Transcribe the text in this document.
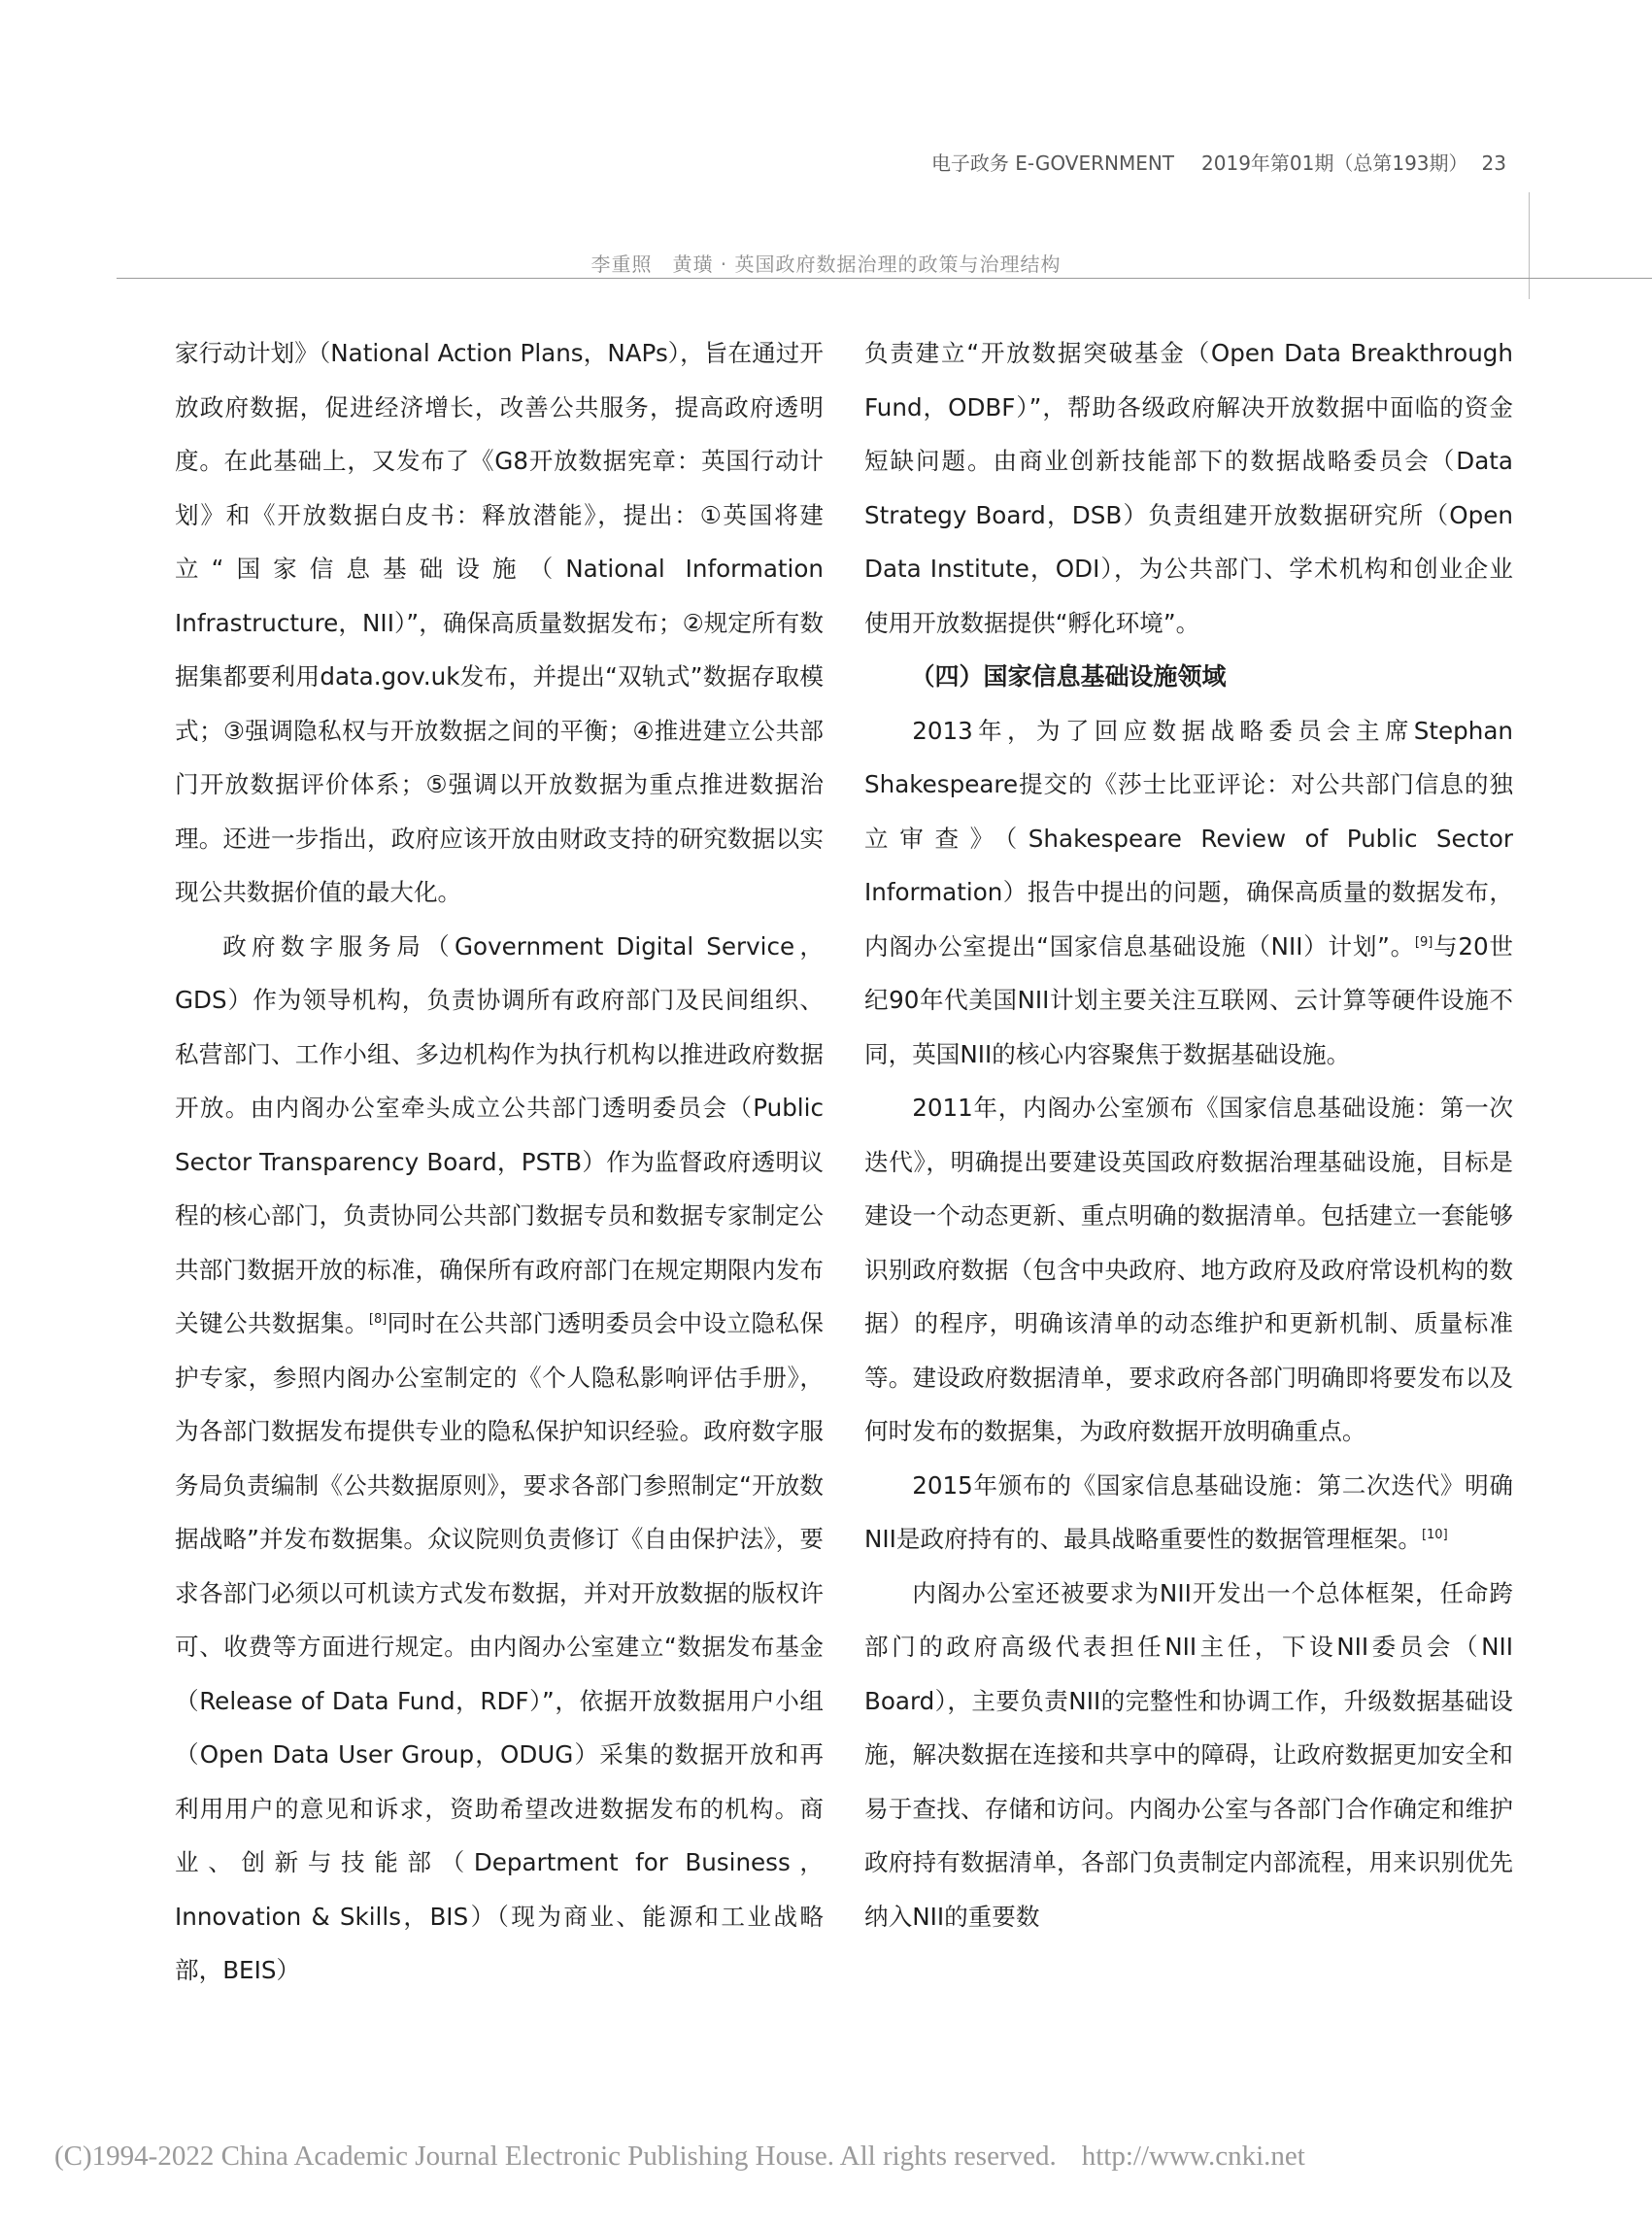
电子政务 E-GOVERNMENT 2019年第01期（总第193期） 23
李重照　黄璜 · 英国政府数据治理的政策与治理结构

家行动计划》（National Action Plans，NAPs），旨在通过开放政府数据，促进经济增长，改善公共服务，提高政府透明度。在此基础上，又发布了《G8开放数据宪章：英国行动计划》和《开放数据白皮书：释放潜能》，提出：①英国将建立“国家信息基础设施（National Information Infrastructure，NII）”，确保高质量数据发布；②规定所有数据集都要利用data.gov.uk发布，并提出“双轨式”数据存取模式；③强调隐私权与开放数据之间的平衡；④推进建立公共部门开放数据评价体系；⑤强调以开放数据为重点推进数据治理。还进一步指出，政府应该开放由财政支持的研究数据以实现公共数据价值的最大化。

政府数字服务局（Government Digital Service，GDS）作为领导机构，负责协调所有政府部门及民间组织、私营部门、工作小组、多边机构作为执行机构以推进政府数据开放。由内阁办公室牵头成立公共部门透明委员会（Public Sector Transparency Board，PSTB）作为监督政府透明议程的核心部门，负责协同公共部门数据专员和数据专家制定公共部门数据开放的标准，确保所有政府部门在规定期限内发布关键公共数据集。[8]同时在公共部门透明委员会中设立隐私保护专家，参照内阁办公室制定的《个人隐私影响评估手册》，为各部门数据发布提供专业的隐私保护知识经验。政府数字服务局负责编制《公共数据原则》，要求各部门参照制定“开放数据战略”并发布数据集。众议院则负责修订《自由保护法》，要求各部门必须以可机读方式发布数据，并对开放数据的版权许可、收费等方面进行规定。由内阁办公室建立“数据发布基金（Release of Data Fund，RDF）”，依据开放数据用户小组（Open Data User Group，ODUG）采集的数据开放和再利用用户的意见和诉求，资助希望改进数据发布的机构。商业、创新与技能部（Department for Business，Innovation & Skills，BIS）（现为商业、能源和工业战略部，BEIS）

负责建立“开放数据突破基金（Open Data Breakthrough Fund，ODBF）”，帮助各级政府解决开放数据中面临的资金短缺问题。由商业创新技能部下的数据战略委员会（Data Strategy Board，DSB）负责组建开放数据研究所（Open Data Institute，ODI），为公共部门、学术机构和创业企业使用开放数据提供“孵化环境”。

（四）国家信息基础设施领域

2013年，为了回应数据战略委员会主席Stephan Shakespeare提交的《莎士比亚评论：对公共部门信息的独立审查》（Shakespeare Review of Public Sector Information）报告中提出的问题，确保高质量的数据发布，内阁办公室提出“国家信息基础设施（NII）计划”。[9]与20世纪90年代美国NII计划主要关注互联网、云计算等硬件设施不同，英国NII的核心内容聚焦于数据基础设施。

2011年，内阁办公室颁布《国家信息基础设施：第一次迭代》，明确提出要建设英国政府数据治理基础设施，目标是建设一个动态更新、重点明确的数据清单。包括建立一套能够识别政府数据（包含中央政府、地方政府及政府常设机构的数据）的程序，明确该清单的动态维护和更新机制、质量标准等。建设政府数据清单，要求政府各部门明确即将要发布以及何时发布的数据集，为政府数据开放明确重点。

2015年颁布的《国家信息基础设施：第二次迭代》明确NII是政府持有的、最具战略重要性的数据管理框架。[10]

内阁办公室还被要求为NII开发出一个总体框架，任命跨部门的政府高级代表担任NII主任，下设NII委员会（NII Board），主要负责NII的完整性和协调工作，升级数据基础设施，解决数据在连接和共享中的障碍，让政府数据更加安全和易于查找、存储和访问。内阁办公室与各部门合作确定和维护政府持有数据清单，各部门负责制定内部流程，用来识别优先纳入NII的重要数

(C)1994-2022 China Academic Journal Electronic Publishing House. All rights reserved. http://www.cnki.net
